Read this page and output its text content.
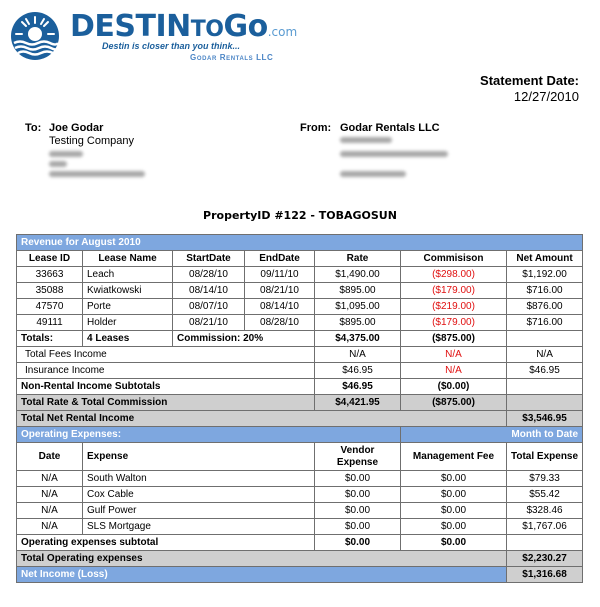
DESTINTOGo.com
Destin is closer than you think...
Godar Rentals LLC
Statement Date:
12/27/2010
To: Joe Godar
Testing Company
From: Godar Rentals LLC
PropertyID #122 - TOBAGOSUN
Revenue for August 2010						
Lease ID	Lease Name	StartDate	EndDate	Rate	Commisison	Net Amount
33663	Leach	08/28/10	09/11/10	$1,490.00	($298.00)	$1,192.00
35088	Kwiatkowski	08/14/10	08/21/10	$895.00	($179.00)	$716.00
47570	Porte	08/07/10	08/14/10	$1,095.00	($219.00)	$876.00
49111	Holder	08/21/10	08/28/10	$895.00	($179.00)	$716.00
Totals:	4 Leases	Commission: 20%		$4,375.00	($875.00)	
Total Fees Income				N/A	N/A	N/A
Insurance Income				$46.95	N/A	$46.95
Non-Rental Income Subtotals				$46.95	($0.00)	
Total Rate & Total Commission				$4,421.95	($875.00)	
Total Net Rental Income						$3,546.95
Operating Expenses:					Month to Date	
Date	Expense			Vendor Expense	Management Fee	Total Expense
N/A	South Walton			$0.00	$0.00	$79.33
N/A	Cox Cable			$0.00	$0.00	$55.42
N/A	Gulf Power			$0.00	$0.00	$328.46
N/A	SLS Mortgage			$0.00	$0.00	$1,767.06
Operating expenses subtotal				$0.00	$0.00	
Total Operating expenses						$2,230.27
Net Income (Loss)						$1,316.68
